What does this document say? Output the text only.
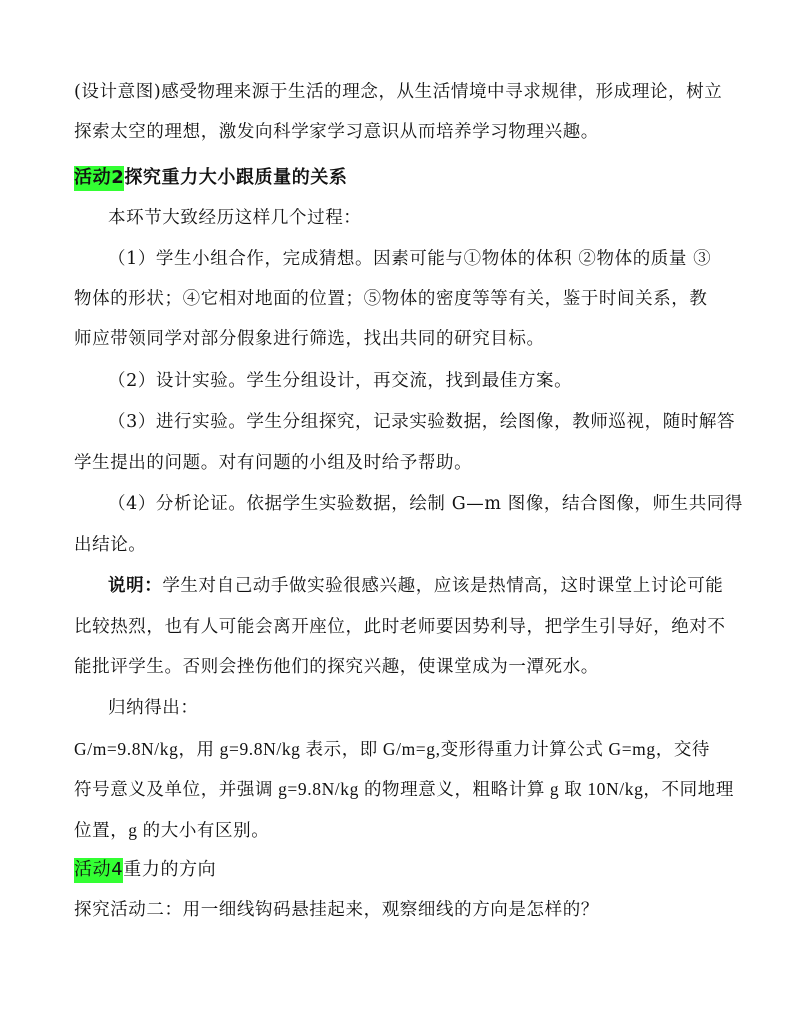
(设计意图)感受物理来源于生活的理念，从生活情境中寻求规律，形成理论，树立
探索太空的理想，激发向科学家学习意识从而培养学习物理兴趣。
活动2探究重力大小跟质量的关系
本环节大致经历这样几个过程：
（1）学生小组合作，完成猜想。因素可能与①物体的体积 ②物体的质量 ③
物体的形状；④它相对地面的位置；⑤物体的密度等等有关，鉴于时间关系，教
师应带领同学对部分假象进行筛选，找出共同的研究目标。
（2）设计实验。学生分组设计，再交流，找到最佳方案。
（3）进行实验。学生分组探究，记录实验数据，绘图像，教师巡视，随时解答
学生提出的问题。对有问题的小组及时给予帮助。
（4）分析论证。依据学生实验数据，绘制 G—m 图像，结合图像，师生共同得
出结论。
说明：学生对自己动手做实验很感兴趣，应该是热情高，这时课堂上讨论可能
比较热烈，也有人可能会离开座位，此时老师要因势利导，把学生引导好，绝对不
能批评学生。否则会挫伤他们的探究兴趣，使课堂成为一潭死水。
归纳得出：
G/m=9.8N/kg，用 g=9.8N/kg 表示，即 G/m=g,变形得重力计算公式 G=mg，交待
符号意义及单位，并强调 g=9.8N/kg 的物理意义，粗略计算 g 取 10N/kg，不同地理
位置，g 的大小有区别。
活动4重力的方向
探究活动二：用一细线钩码悬挂起来，观察细线的方向是怎样的？
